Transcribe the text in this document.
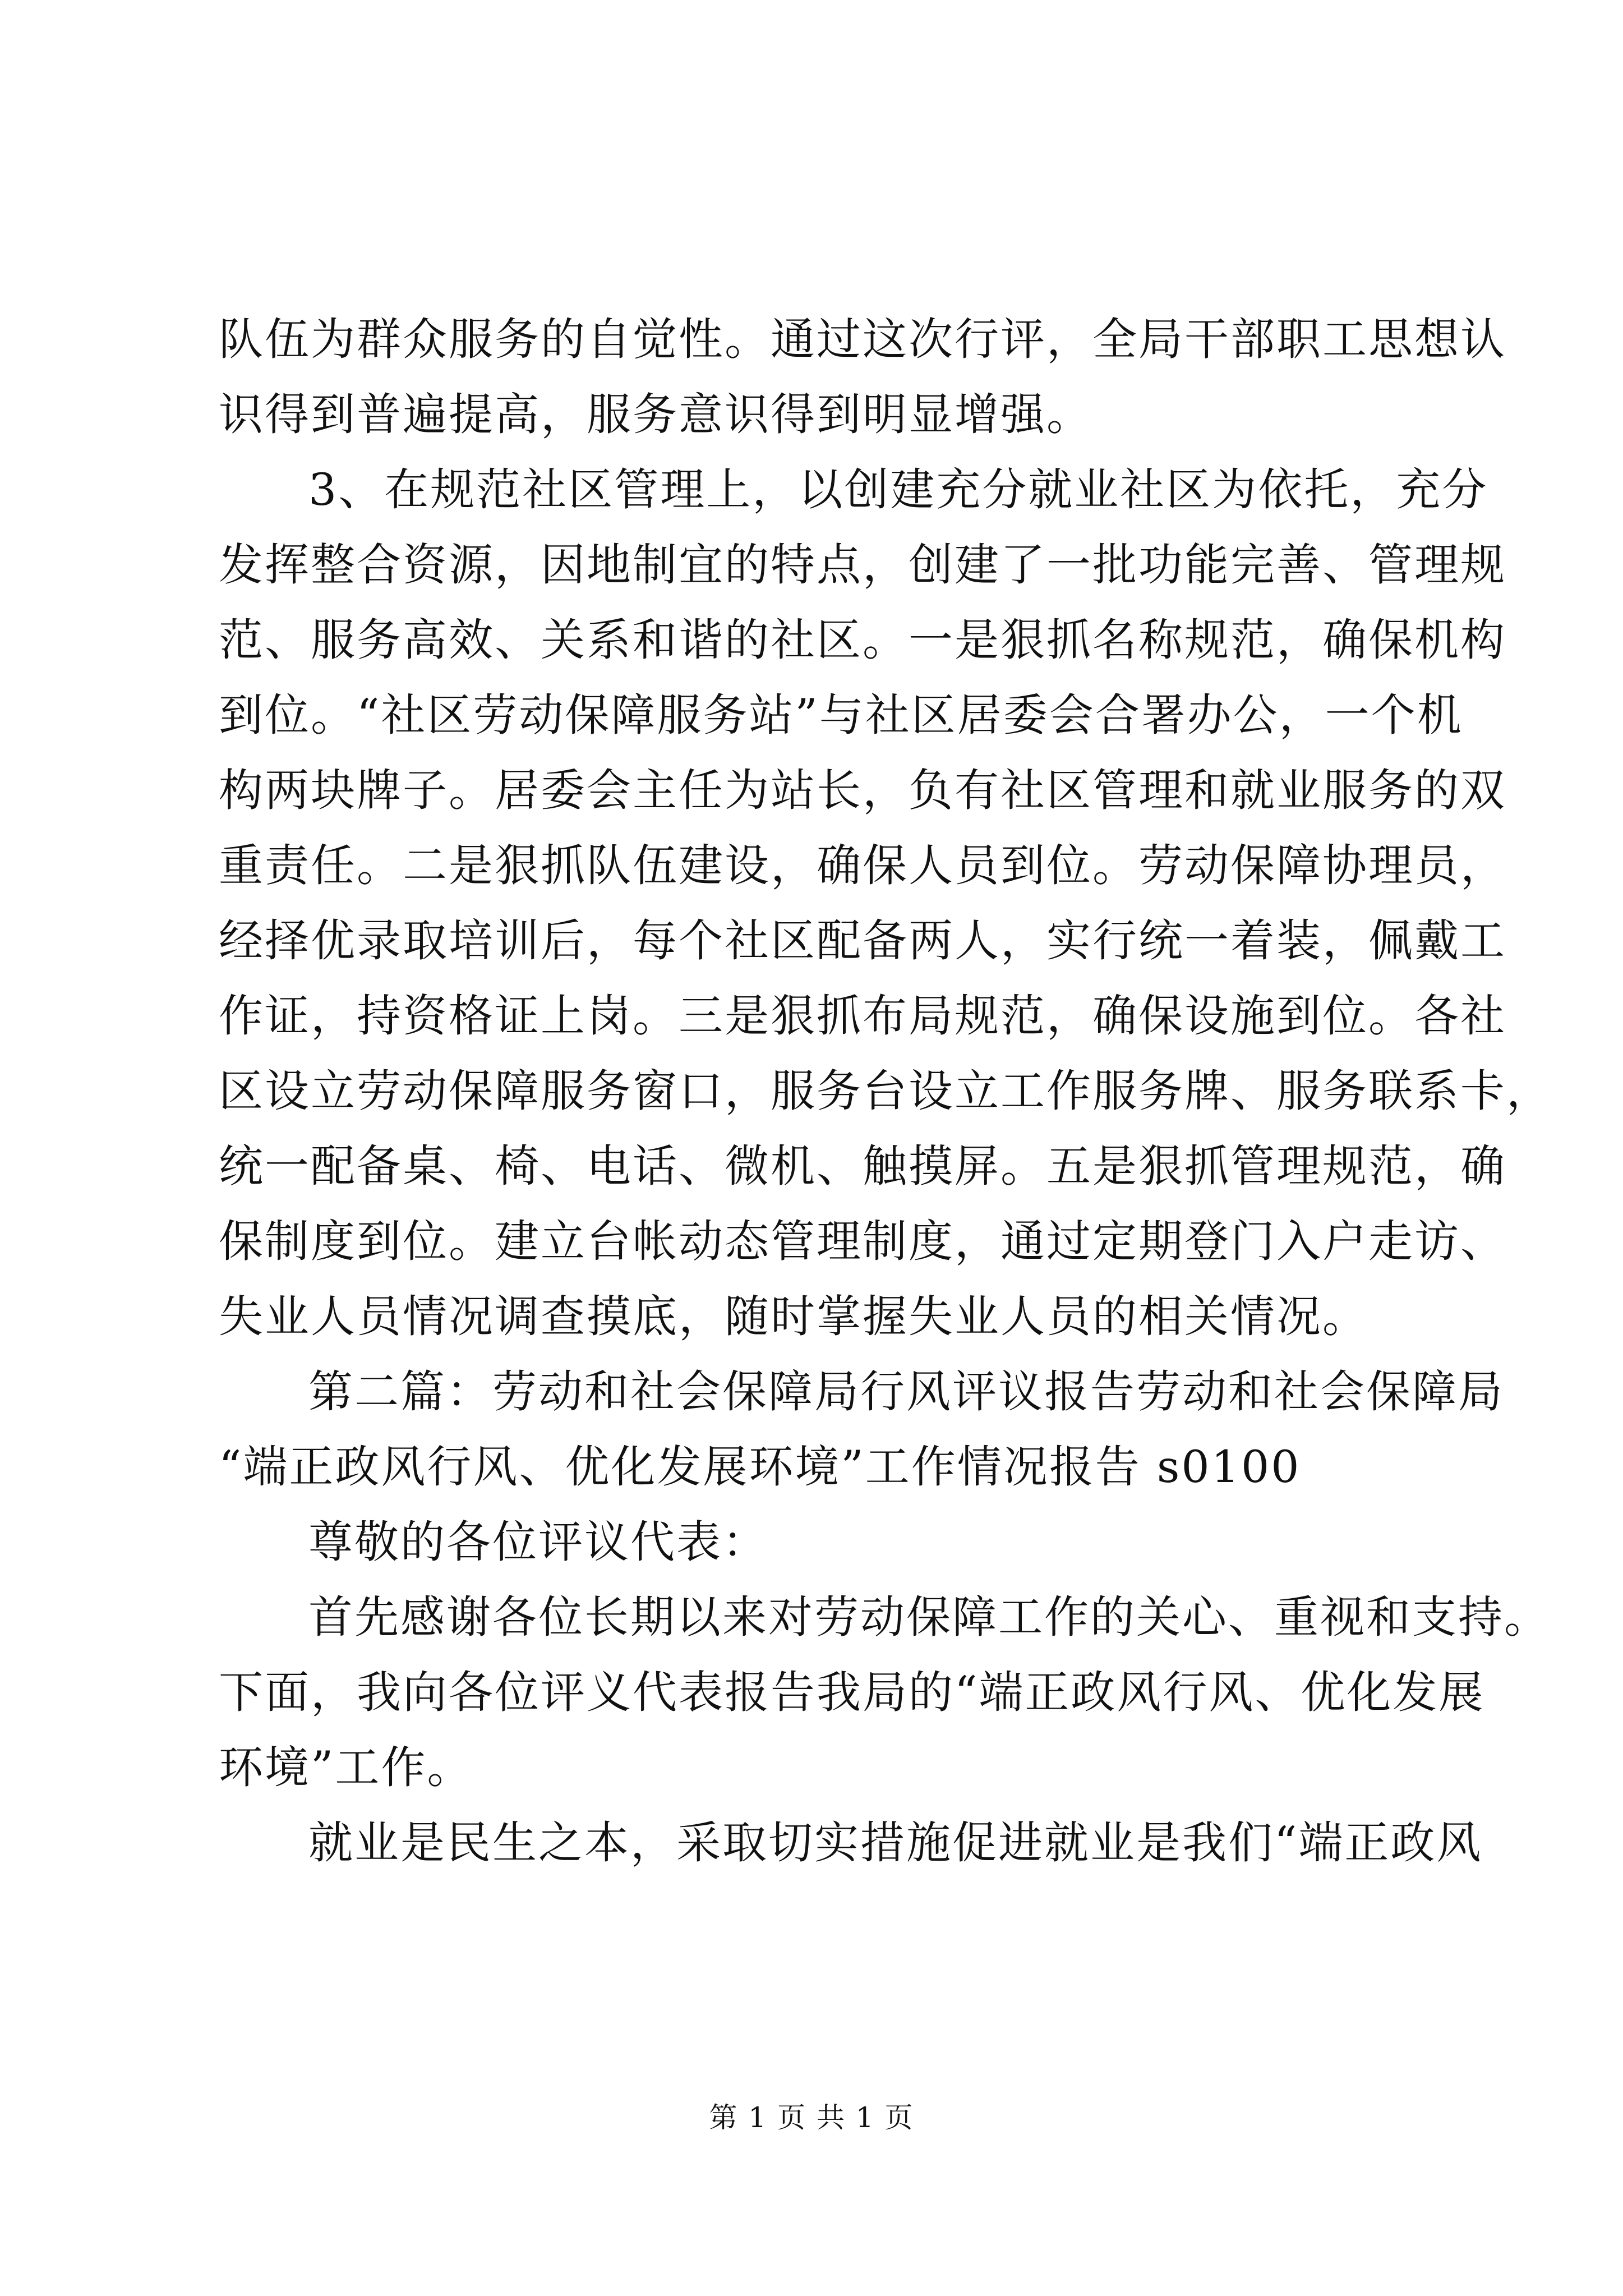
队伍为群众服务的自觉性。通过这次行评，全局干部职工思想认
识得到普遍提高，服务意识得到明显增强。
3、在规范社区管理上，以创建充分就业社区为依托，充分
发挥整合资源，因地制宜的特点，创建了一批功能完善、管理规
范、服务高效、关系和谐的社区。一是狠抓名称规范，确保机构
到位。“社区劳动保障服务站”与社区居委会合署办公，一个机
构两块牌子。居委会主任为站长，负有社区管理和就业服务的双
重责任。二是狠抓队伍建设，确保人员到位。劳动保障协理员，
经择优录取培训后，每个社区配备两人，实行统一着装，佩戴工
作证，持资格证上岗。三是狠抓布局规范，确保设施到位。各社
区设立劳动保障服务窗口，服务台设立工作服务牌、服务联系卡，
统一配备桌、椅、电话、微机、触摸屏。五是狠抓管理规范，确
保制度到位。建立台帐动态管理制度，通过定期登门入户走访、
失业人员情况调查摸底，随时掌握失业人员的相关情况。
第二篇：劳动和社会保障局行风评议报告劳动和社会保障局
“端正政风行风、优化发展环境”工作情况报告 s0100
尊敬的各位评议代表：
首先感谢各位长期以来对劳动保障工作的关心、重视和支持。
下面，我向各位评义代表报告我局的“端正政风行风、优化发展
环境”工作。
就业是民生之本，采取切实措施促进就业是我们“端正政风
第 1 页 共 1 页
